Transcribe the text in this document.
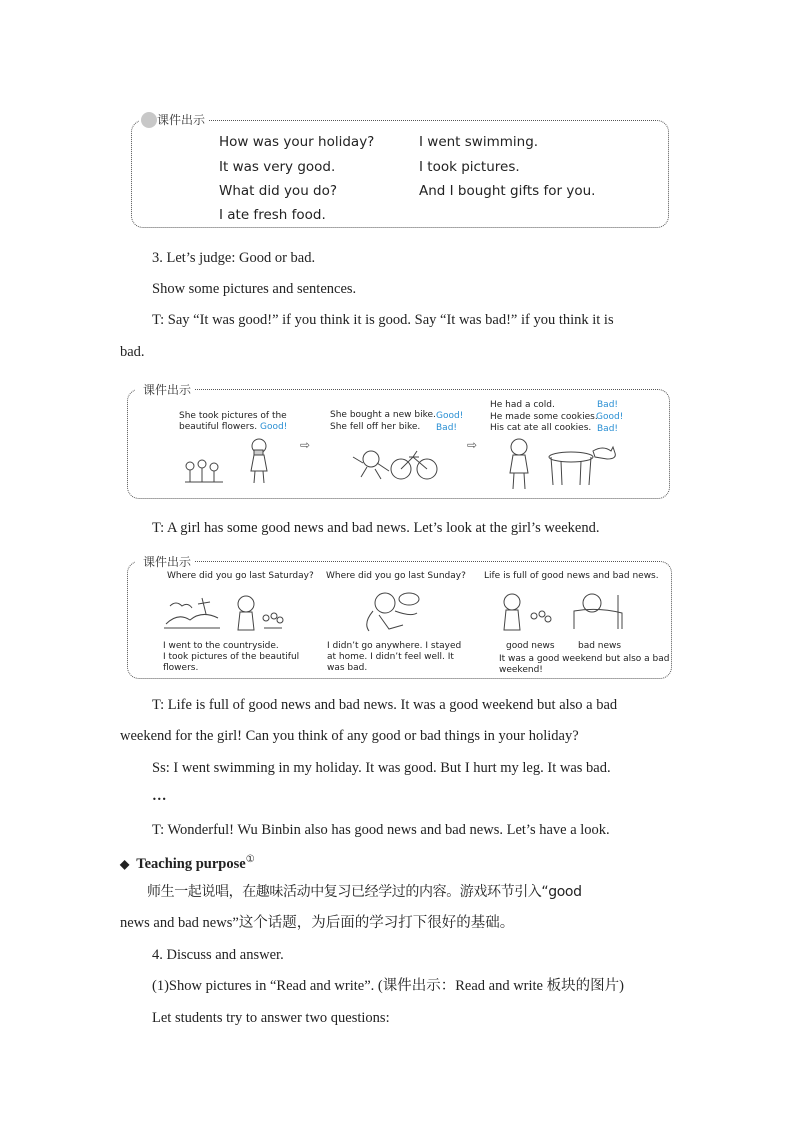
课件出示
How was your holiday?
It was very good.
What did you do?
I ate fresh food.
I went swimming.
I took pictures.
And I bought gifts for you.
3. Let’s judge: Good or bad.
Show some pictures and sentences.
T: Say “It was good!” if you think it is good. Say “It was bad!” if you think it is
bad.
课件出示
She took pictures of the
beautiful flowers. Good!
⇨
She bought a new bike. Good!
She fell off her bike. Bad!
⇨
He had a cold.	Bad!
He made some cookies.
Good!
His cat ate all cookies. Bad!
T: A girl has some good news and bad news. Let’s look at the girl’s weekend.
课件出示
Where did you go last Saturday? Where did you go last Sunday? Life is full of good news and bad news.
I went to the countryside.
I took pictures of the beautiful
flowers.
I didn’t go anywhere. I stayed
at home. I didn’t feel well. It
was bad.
good news	bad news
It was a good weekend but also a bad
weekend!
T: Life is full of good news and bad news. It was a good weekend but also a bad
weekend for the girl! Can you think of any good or bad things in your holiday?
Ss: I went swimming in my holiday. It was good. But I hurt my leg. It was bad.
…
T: Wonderful! Wu Binbin also has good news and bad news. Let’s have a look.
◆ Teaching purpose①
师生一起说唱，在趣味活动中复习已经学过的内容。游戏环节引入“good
news and bad news”这个话题，为后面的学习打下很好的基础。
4. Discuss and answer.
(1)Show pictures in “Read and write”. (课件出示：Read and write 板块的图片)
Let students try to answer two questions:
